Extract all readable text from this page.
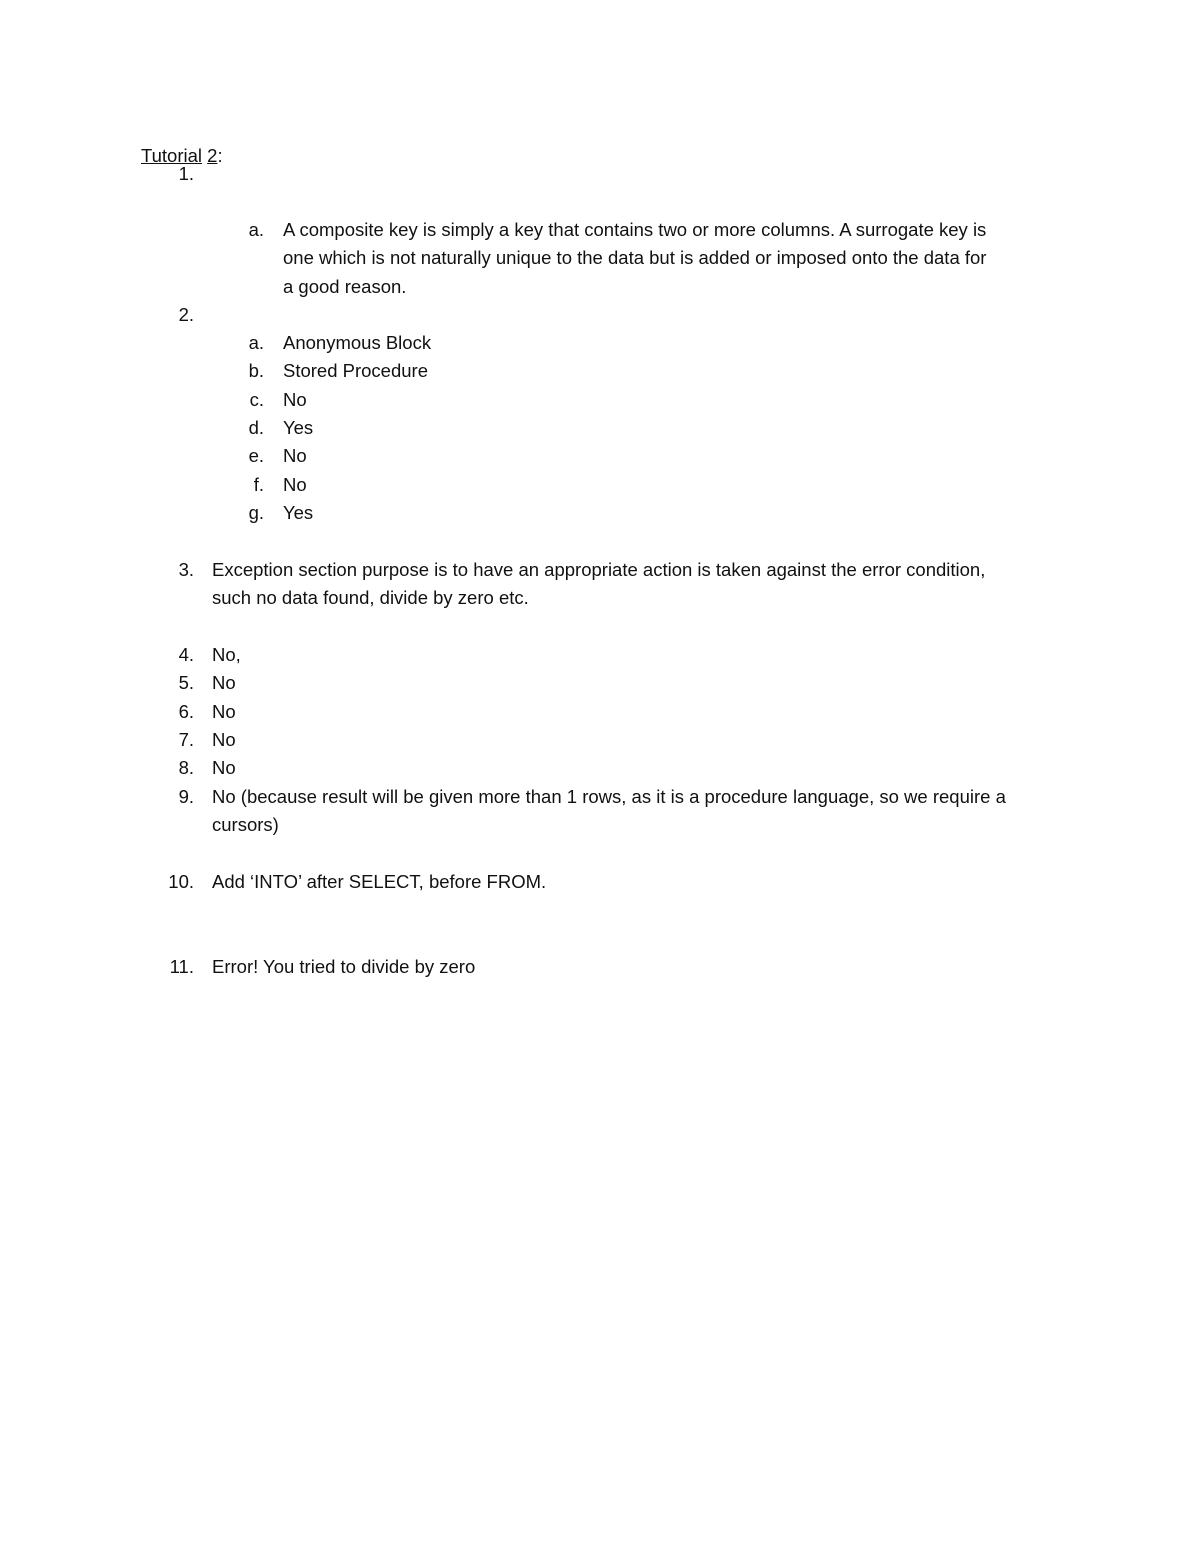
Tutorial 2:
1.
a. A composite key is simply a key that contains two or more columns. A surrogate key is
one which is not naturally unique to the data but is added or imposed onto the data for
a good reason.
2.
a. Anonymous Block
b. Stored Procedure
c. No
d. Yes
e. No
f. No
g. Yes
3. Exception section purpose is to have an appropriate action is taken against the error condition,
such no data found, divide by zero etc.
4. No,
5. No
6. No
7. No
8. No
9. No (because result will be given more than 1 rows, as it is a procedure language, so we require a
cursors)
10. Add ‘INTO’ after SELECT, before FROM.
11. Error! You tried to divide by zero
